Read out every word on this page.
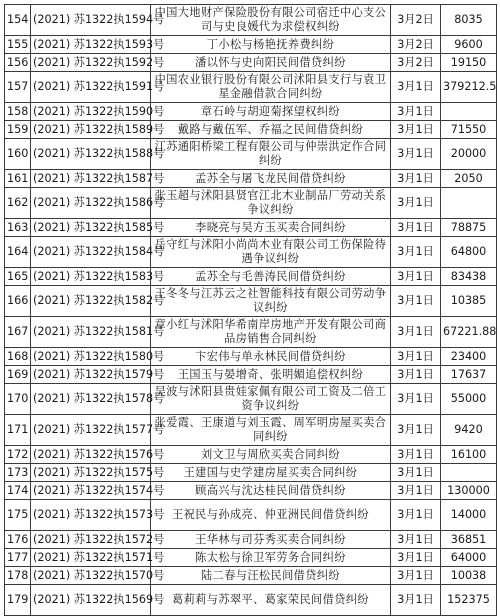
154	(2021) 苏1322执1594号	中国大地财产保险股份有限公司宿迁中心支公司与史良媛代为求偿权纠纷	3月2日	8035
155	(2021) 苏1322执1593号	丁小松与杨艳抚养费纠纷	3月2日	9600
156	(2021) 苏1322执1592号	潘以怀与史向阳民间借贷纠纷	3月2日	19150
157	(2021) 苏1322执1591号	中国农业银行股份有限公司沭阳县支行与袁卫星金融借款合同纠纷	3月1日	379212.5
158	(2021) 苏1322执1590号	章石岭与胡迎菊探望权纠纷	3月1日	
159	(2021) 苏1322执1589号	戴路与戴伍军、乔福之民间借贷纠纷	3月1日	71550
160	(2021) 苏1322执1588号	江苏通阳桥梁工程有限公司与仲崇洪定作合同纠纷	3月1日	20000
161	(2021) 苏1322执1587号	孟苏全与屠飞龙民间借贷纠纷	3月1日	2050
162	(2021) 苏1322执1586号	张玉超与沭阳县贤官江北木业制品厂劳动关系争议纠纷	3月1日	
163	(2021) 苏1322执1585号	李晓亮与吴方玉买卖合同纠纷	3月1日	78875
164	(2021) 苏1322执1584号	岳守红与沭阳小尚尚木业有限公司工伤保险待遇争议纠纷	3月1日	64800
165	(2021) 苏1322执1583号	孟苏全与毛善涛民间借贷纠纷	3月1日	83438
166	(2021) 苏1322执1582号	王冬冬与江苏云之社智能科技有限公司劳动争议纠纷	3月1日	10385
167	(2021) 苏1322执1581号	章小红与沭阳华希南岸房地产开发有限公司商品房销售合同纠纷	3月1日	67221.88
168	(2021) 苏1322执1580号	卞宏伟与单永林民间借贷纠纷	3月1日	23400
169	(2021) 苏1322执1579号	王国玉与晏增奇、张明媚追偿权纠纷	3月1日	17637
170	(2021) 苏1322执1578号	吴波与沭阳县贵娃家佩有限公司工资及二倍工资争议纠纷	3月1日	55000
171	(2021) 苏1322执1577号	张爱霞、王康道与刘玉霞、周军明房屋买卖合同纠纷	3月1日	9420
172	(2021) 苏1322执1576号	刘文卫与周欣买卖合同纠纷	3月1日	16100
173	(2021) 苏1322执1575号	王建国与史学建房屋买卖合同纠纷	3月1日	
174	(2021) 苏1322执1574号	顾高兴与沈达桂民间借贷纠纷	3月1日	130000
175	(2021) 苏1322执1573号	王祝民与孙成亮、仲亚洲民间借贷纠纷	3月1日	14000
176	(2021) 苏1322执1572号	王华林与司芬秀买卖合同纠纷	3月1日	36851
177	(2021) 苏1322执1571号	陈太松与徐卫军劳务合同纠纷	3月1日	64000
178	(2021) 苏1322执1570号	陆二春与汪松民间借贷纠纷	3月1日	10038
179	(2021) 苏1322执1569号	葛莉莉与苏翠平、葛家荣民间借贷纠纷	3月1日	152375
